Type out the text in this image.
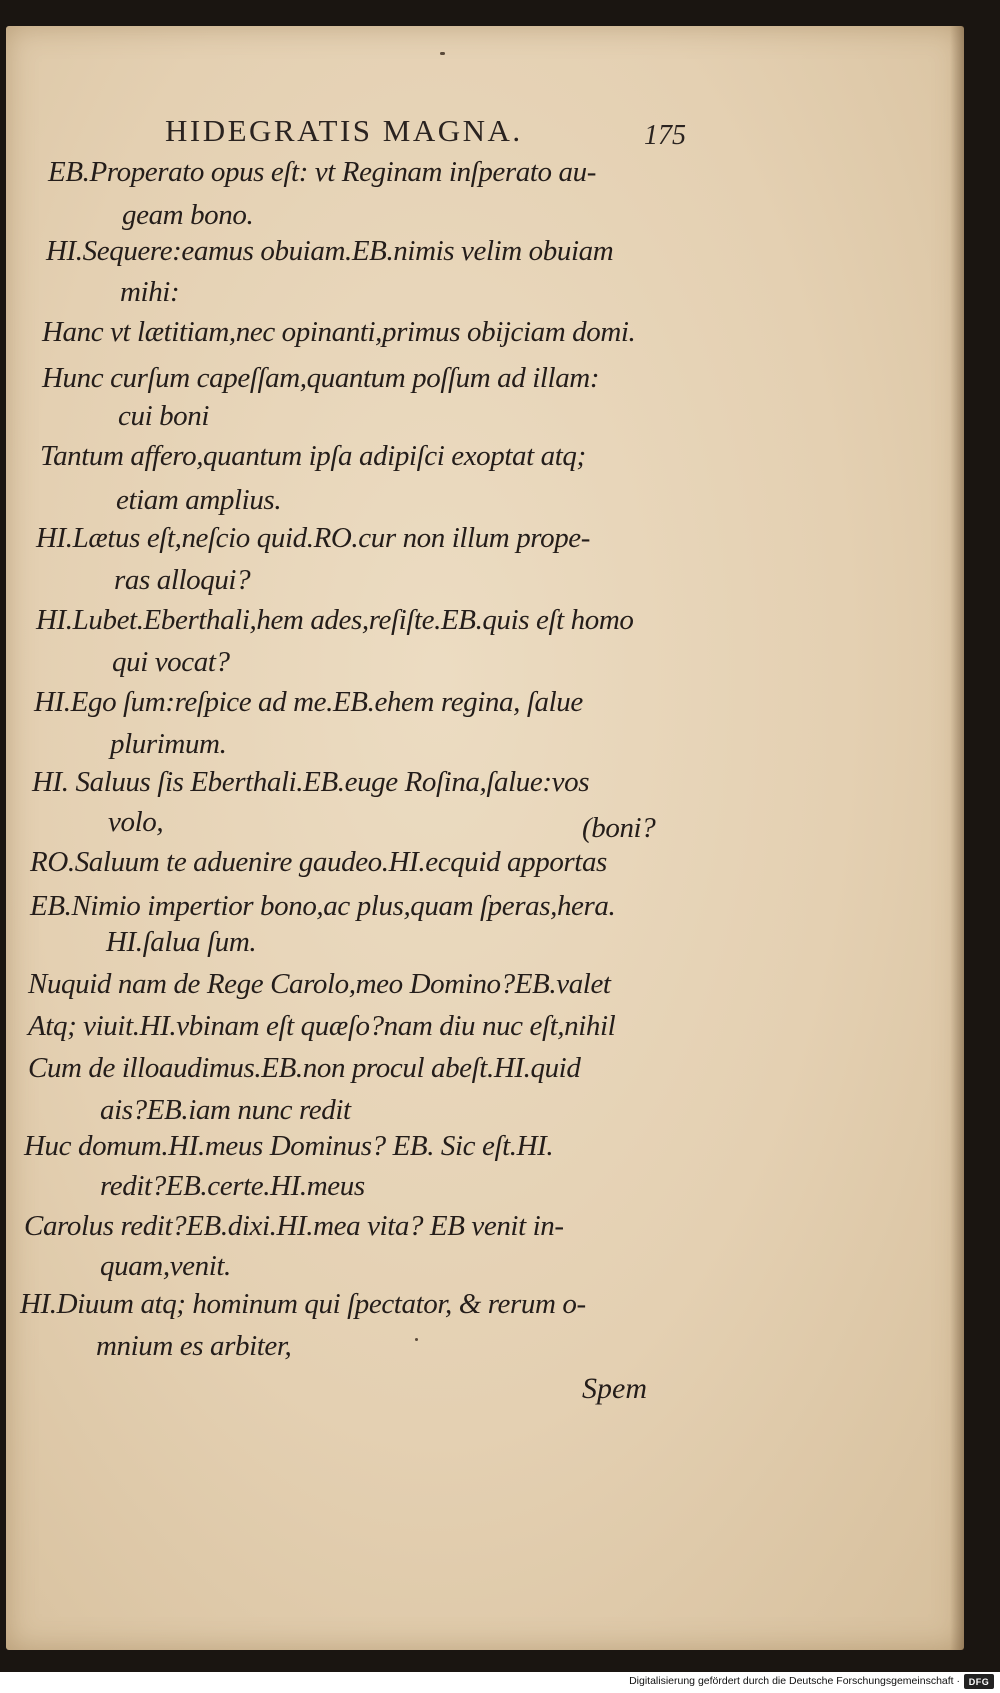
HIDEGRATIS MAGNA.	175

EB.Properato opus eſt: vt Reginam inſperato au-

geam bono.

HI.Sequere:eamus obuiam.EB.nimis velim obuiam

mihi:

Hanc vt lætitiam,nec opinanti,primus obijciam domi.

Hunc curſum capeſſam,quantum poſſum ad illam:

cui boni

Tantum affero,quantum ipſa adipiſci exoptat atq;

etiam amplius.

HI.Lætus eſt,neſcio quid.RO.cur non illum prope-

ras alloqui?

HI.Lubet.Eberthali,hem ades,reſiſte.EB.quis eſt homo

qui vocat?

HI.Ego ſum:reſpice ad me.EB.ehem regina, ſalue

plurimum.

HI. Saluus ſis Eberthali.EB.euge Roſina,ſalue:vos

volo,	(boni?

RO.Saluum te aduenire gaudeo.HI.ecquid apportas

EB.Nimio impertior bono,ac plus,quam ſperas,hera.

HI.ſalua ſum.

Nuquid nam de Rege Carolo,meo Domino?EB.valet

Atq; viuit.HI.vbinam eſt quæſo?nam diu nuc eſt,nihil

Cum de illoaudimus.EB.non procul abeſt.HI.quid

ais?EB.iam nunc redit

Huc domum.HI.meus Dominus? EB. Sic eſt.HI.

redit?EB.certe.HI.meus

Carolus redit?EB.dixi.HI.mea vita? EB venit in-

quam,venit.

HI.Diuum atq; hominum qui ſpectator, & rerum o-

mnium es arbiter,

Spem

Digitalisierung gefördert durch die Deutsche Forschungsgemeinschaft · DFG
